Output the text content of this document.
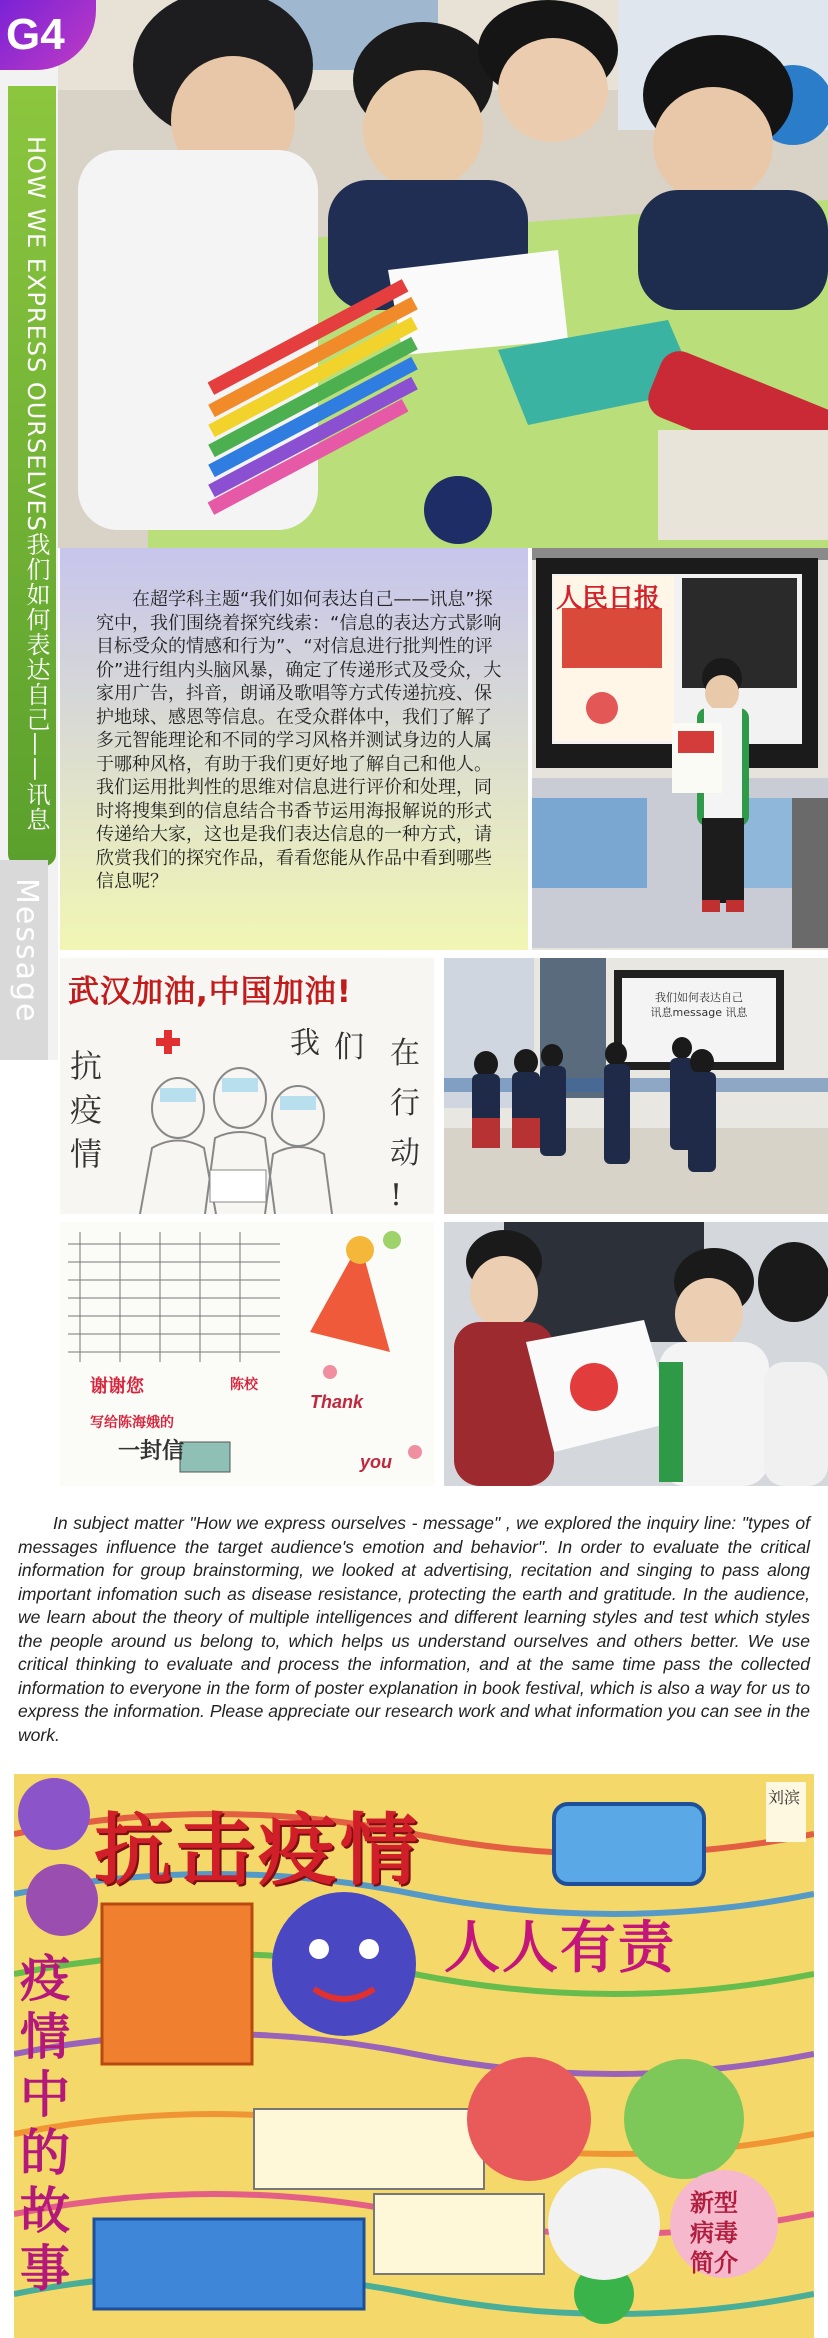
G4
HOW WE EXPRESS OURSELVES我们如何表达自己——讯息
Message

在超学科主题“我们如何表达自己——讯息”探究中，我们围绕着探究线索：“信息的表达方式影响目标受众的情感和行为”、“对信息进行批判性的评价”进行组内头脑风暴，确定了传递形式及受众，大家用广告，抖音，朗诵及歌唱等方式传递抗疫、保护地球、感恩等信息。在受众群体中，我们了解了多元智能理论和不同的学习风格并测试身边的人属于哪种风格，有助于我们更好地了解自己和他人。我们运用批判性的思维对信息进行评价和处理，同时将搜集到的信息结合书香节运用海报解说的形式传递给大家，这也是我们表达信息的一种方式，请欣赏我们的探究作品，看看您能从作品中看到哪些信息呢？

人民日报
武汉加油,中国加油!
抗
疫
情
我 们 在
行
动
!
我们如何表达自己
讯息message 讯息
谢谢您	陈校
写给陈海娥的
一封信
Thank
you

In subject matter "How we express ourselves - message" , we explored the inquiry line: "types of messages influence the target audience's emotion and behavior". In order to evaluate the critical information for group brainstorming, we looked at advertising, recitation and singing to pass along important infomation such as disease resistance, protecting the earth and gratitude. In the audience, we learn about the theory of multiple intelligences and different learning styles and test which styles the people around us belong to, which helps us understand ourselves and others better. We use critical thinking to evaluate and process the information, and at the same time pass the collected information to everyone in the form of poster explanation in book festival, which is also a way for us to express the information. Please appreciate our research work and what information you can see in the work.

抗击疫情
人人有责
疫情中的故事
新型病毒简介
刘滨
